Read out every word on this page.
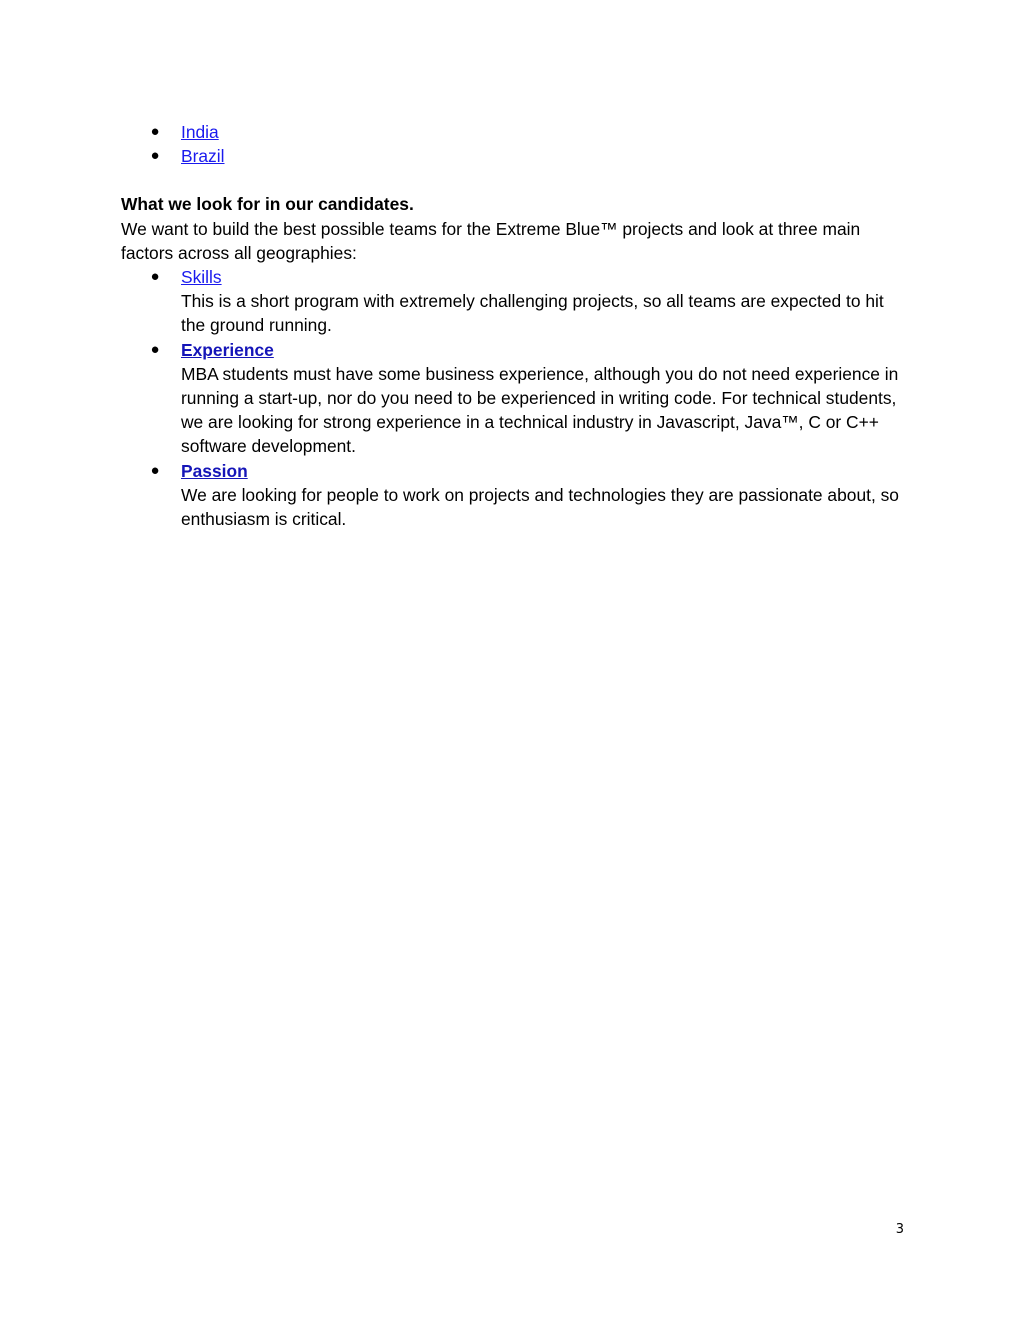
● India
● Brazil

What we look for in our candidates.

We want to build the best possible teams for the Extreme Blue™ projects and look at three main factors across all geographies:

● Skills
This is a short program with extremely challenging projects, so all teams are expected to hit the ground running.
● Experience
MBA students must have some business experience, although you do not need experience in running a start-up, nor do you need to be experienced in writing code. For technical students, we are looking for strong experience in a technical industry in Javascript, Java™, C or C++ software development.
● Passion
We are looking for people to work on projects and technologies they are passionate about, so enthusiasm is critical.
3
